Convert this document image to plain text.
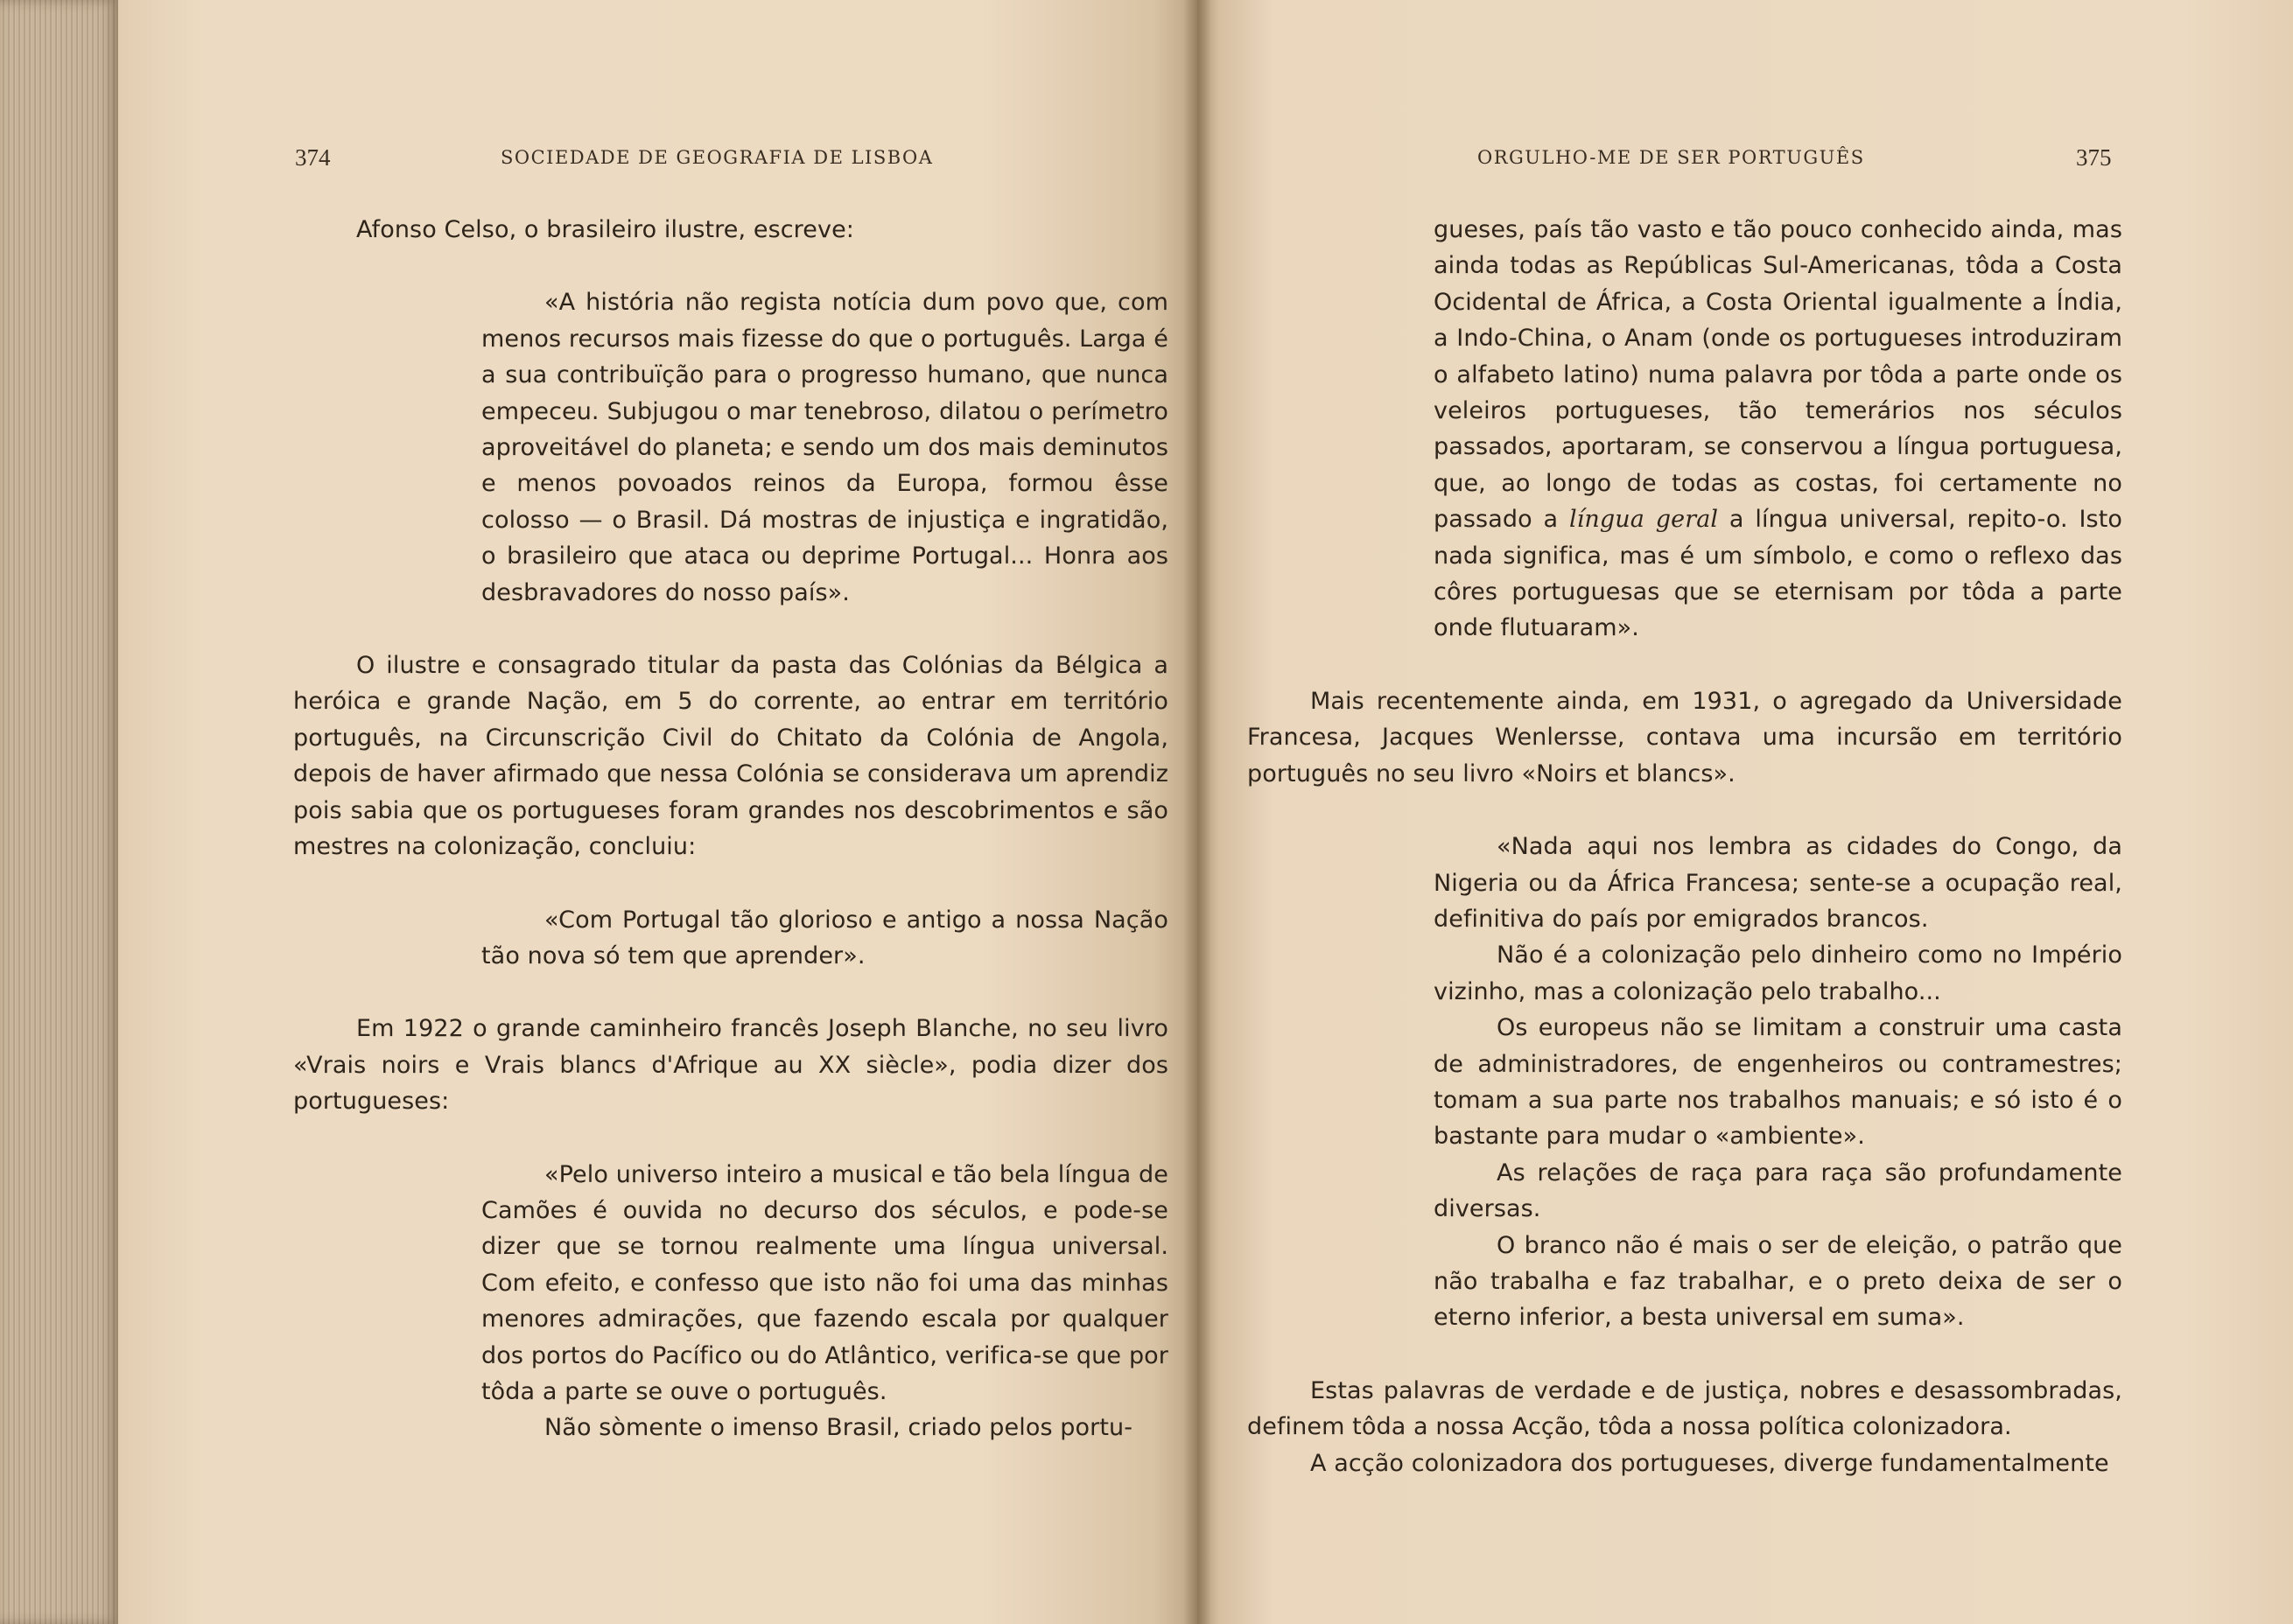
374	SOCIEDADE DE GEOGRAFIA DE LISBOA

Afonso Celso, o brasileiro ilustre, escreve:

«A história não regista notícia dum povo que, com menos recursos mais fizesse do que o português. Larga é a sua contribuïção para o progresso humano, que nunca empeceu. Subjugou o mar tenebroso, dilatou o perímetro aproveitável do planeta; e sendo um dos mais deminutos e menos povoados reinos da Europa, formou êsse colosso — o Brasil. Dá mostras de injustiça e ingratidão, o brasileiro que ataca ou deprime Portugal... Honra aos desbravadores do nosso país».

O ilustre e consagrado titular da pasta das Colónias da Bélgica a heróica e grande Nação, em 5 do corrente, ao entrar em território português, na Circunscrição Civil do Chitato da Colónia de Angola, depois de haver afirmado que nessa Colónia se considerava um aprendiz pois sabia que os portugueses foram grandes nos descobrimentos e são mestres na colonização, concluiu:

«Com Portugal tão glorioso e antigo a nossa Nação tão nova só tem que aprender».

Em 1922 o grande caminheiro francês Joseph Blanche, no seu livro «Vrais noirs e Vrais blancs d'Afrique au XX siècle», podia dizer dos portugueses:

«Pelo universo inteiro a musical e tão bela língua de Camões é ouvida no decurso dos séculos, e pode-se dizer que se tornou realmente uma língua universal. Com efeito, e confesso que isto não foi uma das minhas menores admirações, que fazendo escala por qualquer dos portos do Pacífico ou do Atlântico, verifica-se que por tôda a parte se ouve o português.

Não sòmente o imenso Brasil, criado pelos portu-

ORGULHO-ME DE SER PORTUGUÊS	375

gueses, país tão vasto e tão pouco conhecido ainda, mas ainda todas as Repúblicas Sul-Americanas, tôda a Costa Ocidental de África, a Costa Oriental igualmente a Índia, a Indo-China, o Anam (onde os portugueses introduziram o alfabeto latino) numa palavra por tôda a parte onde os veleiros portugueses, tão temerários nos séculos passados, aportaram, se conservou a língua portuguesa, que, ao longo de todas as costas, foi certamente no passado a língua geral a língua universal, repito-o. Isto nada significa, mas é um símbolo, e como o reflexo das côres portuguesas que se eternisam por tôda a parte onde flutuaram».

Mais recentemente ainda, em 1931, o agregado da Universidade Francesa, Jacques Wenlersse, contava uma incursão em território português no seu livro «Noirs et blancs».

«Nada aqui nos lembra as cidades do Congo, da Nigeria ou da África Francesa; sente-se a ocupação real, definitiva do país por emigrados brancos.

Não é a colonização pelo dinheiro como no Império vizinho, mas a colonização pelo trabalho...

Os europeus não se limitam a construir uma casta de administradores, de engenheiros ou contramestres; tomam a sua parte nos trabalhos manuais; e só isto é o bastante para mudar o «ambiente».

As relações de raça para raça são profundamente diversas.

O branco não é mais o ser de eleição, o patrão que não trabalha e faz trabalhar, e o preto deixa de ser o eterno inferior, a besta universal em suma».

Estas palavras de verdade e de justiça, nobres e desassombradas, definem tôda a nossa Acção, tôda a nossa política colonizadora.

A acção colonizadora dos portugueses, diverge fundamentalmente
